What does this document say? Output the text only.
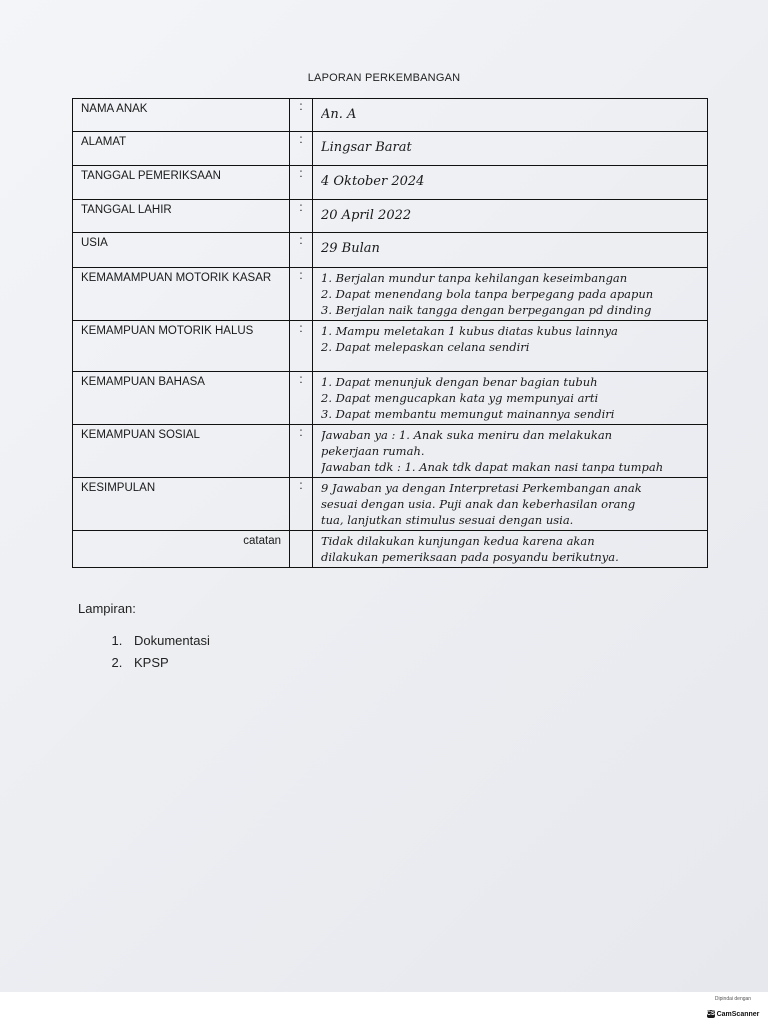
LAPORAN PERKEMBANGAN
NAMA ANAK	:	An. A

ALAMAT	:	Lingsar Barat

TANGGAL PEMERIKSAAN	:	4 Oktober 2024

TANGGAL LAHIR	:	20 April 2022

USIA	:	29 Bulan

KEMAMAMPUAN MOTORIK KASAR	:	1. Berjalan mundur tanpa kehilangan keseimbangan
2. Dapat menendang bola tanpa berpegang pada apapun
3. Berjalan naik tangga dengan berpegangan pd dinding

KEMAMPUAN MOTORIK HALUS	:	1. Mampu meletakan 1 kubus diatas kubus lainnya
2. Dapat melepaskan celana sendiri

KEMAMPUAN BAHASA	:	1. Dapat menunjuk dengan benar bagian tubuh
2. Dapat mengucapkan kata yg mempunyai arti
3. Dapat membantu memungut mainannya sendiri

KEMAMPUAN SOSIAL	:	Jawaban ya : 1. Anak suka meniru dan melakukan
pekerjaan rumah.
Jawaban tdk : 1. Anak tdk dapat makan nasi tanpa tumpah

KESIMPULAN	:	9 Jawaban ya dengan Interpretasi Perkembangan anak
sesuai dengan usia. Puji anak dan keberhasilan orang
tua, lanjutkan stimulus sesuai dengan usia.

catatan		Tidak dilakukan kunjungan kedua karena akan
dilakukan pemeriksaan pada posyandu berikutnya.
Lampiran:
1. Dokumentasi
2. KPSP
Dipindai dengan
CS CamScanner
